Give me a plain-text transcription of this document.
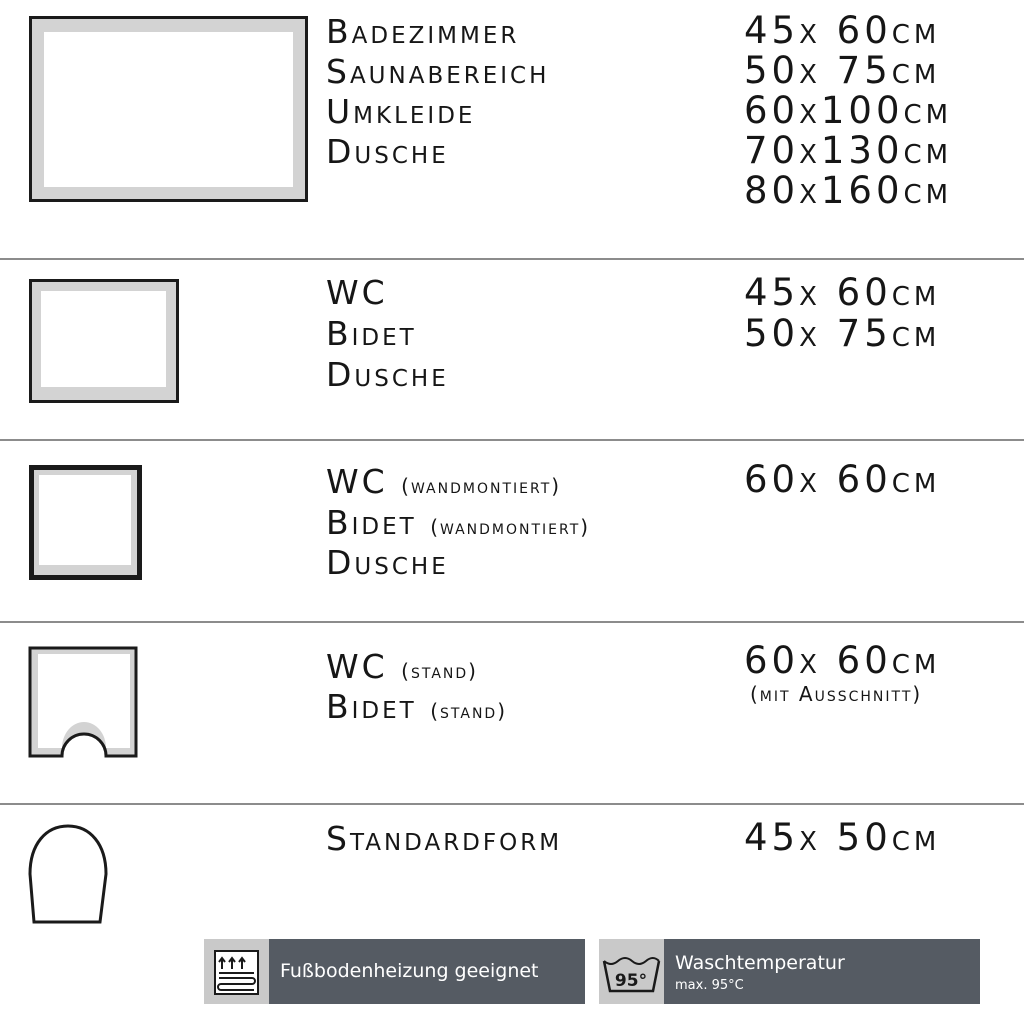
Badezimmer
Saunabereich
Umkleide
Dusche
45x 60cm
50x 75cm
60x100cm
70x130cm
80x160cm
WC
Bidet
Dusche
45x 60cm
50x 75cm
WC (wandmontiert)
Bidet (wandmontiert)
Dusche
60x 60cm
WC (stand)
Bidet (stand)
60x 60cm
(mit Ausschnitt)
Standardform	45x 50cm
Fußbodenheizung geeignet	95°
Waschtemperatur
max. 95°C
